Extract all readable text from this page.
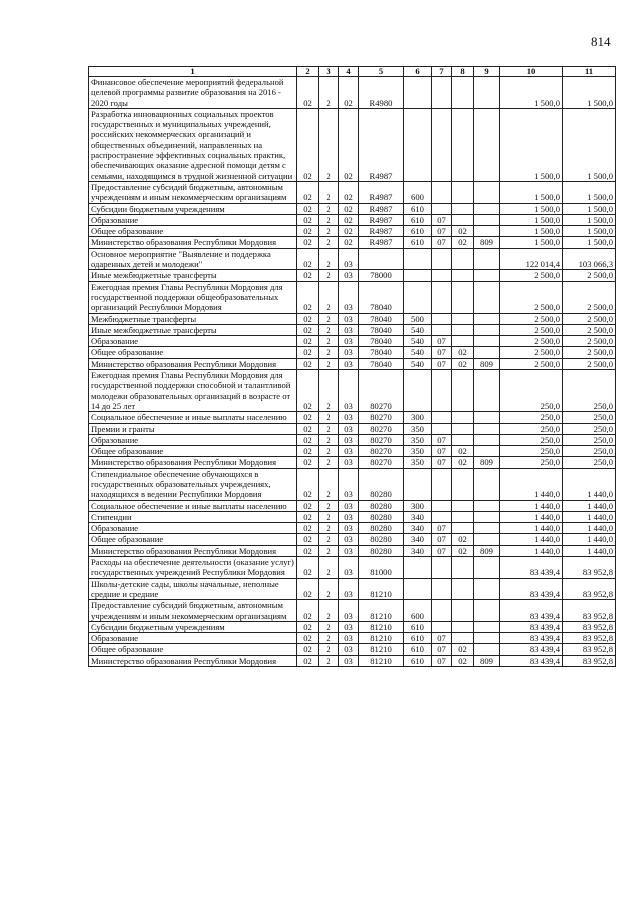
814
1	2	3	4	5	6	7	8	9	10	11
Финансовое обеспечение мероприятий федеральной целевой программы развитие образования на 2016 - 2020 годы	02	2	02	R4980					1 500,0	1 500,0
Разработка инновационных социальных проектов государственных и муниципальных учреждений, российских некоммерческих организаций и общественных объединений, направленных на распространение эффективных социальных практик, обеспечивающих оказание адресной помощи детям с семьями, находящимся в трудной жизненной ситуации	02	2	02	R4987					1 500,0	1 500,0
Предоставление субсидий бюджетным, автономным учреждениям и иным некоммерческим организациям	02	2	02	R4987	600				1 500,0	1 500,0
Субсидии бюджетным учреждениям	02	2	02	R4987	610				1 500,0	1 500,0
Образование	02	2	02	R4987	610	07			1 500,0	1 500,0
Общее образование	02	2	02	R4987	610	07	02		1 500,0	1 500,0
Министерство образования Республики Мордовия	02	2	02	R4987	610	07	02	809	1 500,0	1 500,0
Основное мероприятие "Выявление и поддержка одаренных детей и молодежи"	02	2	03						122 014,4	103 066,3
Иные межбюджетные трансферты	02	2	03	78000					2 500,0	2 500,0
Ежегодная премия Главы Республики Мордовия для государственной поддержки общеобразовательных организаций Республики Мордовия	02	2	03	78040					2 500,0	2 500,0
Межбюджетные трансферты	02	2	03	78040	500				2 500,0	2 500,0
Иные межбюджетные трансферты	02	2	03	78040	540				2 500,0	2 500,0
Образование	02	2	03	78040	540	07			2 500,0	2 500,0
Общее образование	02	2	03	78040	540	07	02		2 500,0	2 500,0
Министерство образования Республики Мордовия	02	2	03	78040	540	07	02	809	2 500,0	2 500,0
Ежегодная премия Главы Республики Мордовия для государственной поддержки способной и талантливой молодежи образовательных организаций в возрасте от 14 до 25 лет	02	2	03	80270					250,0	250,0
Социальное обеспечение и иные выплаты населению	02	2	03	80270	300				250,0	250,0
Премии и гранты	02	2	03	80270	350				250,0	250,0
Образование	02	2	03	80270	350	07			250,0	250,0
Общее образование	02	2	03	80270	350	07	02		250,0	250,0
Министерство образования Республики Мордовия	02	2	03	80270	350	07	02	809	250,0	250,0
Стипендиальное обеспечение обучающихся в государственных образовательных учреждениях, находящихся в ведении Республики Мордовия	02	2	03	80280					1 440,0	1 440,0
Социальное обеспечение и иные выплаты населению	02	2	03	80280	300				1 440,0	1 440,0
Стипендии	02	2	03	80280	340				1 440,0	1 440,0
Образование	02	2	03	80280	340	07			1 440,0	1 440,0
Общее образование	02	2	03	80280	340	07	02		1 440,0	1 440,0
Министерство образования Республики Мордовия	02	2	03	80280	340	07	02	809	1 440,0	1 440,0
Расходы на обеспечение деятельности (оказание услуг) государственных учреждений Республики Мордовия	02	2	03	81000					83 439,4	83 952,8
Школы-детские сады, школы начальные, неполные средние и средние	02	2	03	81210					83 439,4	83 952,8
Предоставление субсидий бюджетным, автономным учреждениям и иным некоммерческим организациям	02	2	03	81210	600				83 439,4	83 952,8
Субсидии бюджетным учреждениям	02	2	03	81210	610				83 439,4	83 952,8
Образование	02	2	03	81210	610	07			83 439,4	83 952,8
Общее образование	02	2	03	81210	610	07	02		83 439,4	83 952,8
Министерство образования Республики Мордовия	02	2	03	81210	610	07	02	809	83 439,4	83 952,8
